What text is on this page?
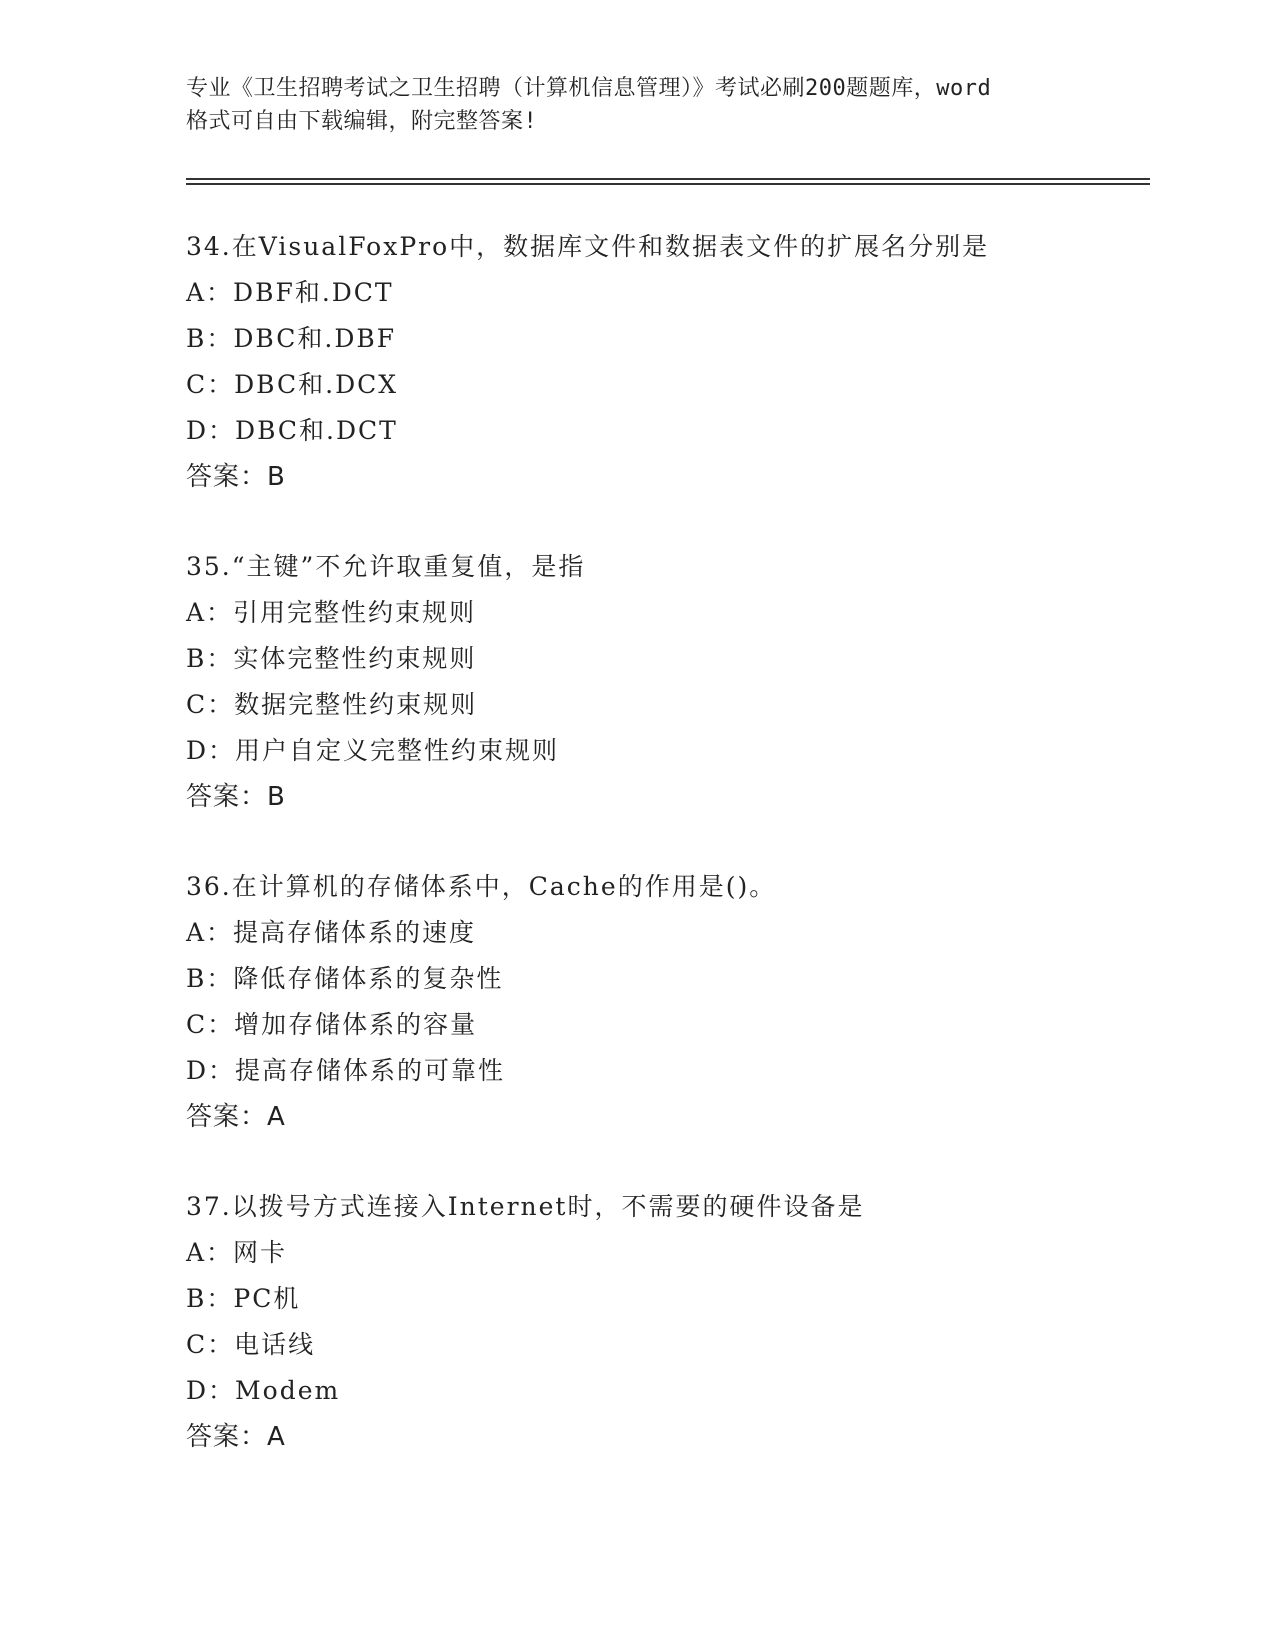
专业《卫生招聘考试之卫生招聘（计算机信息管理）》考试必刷200题题库，word
格式可自由下载编辑，附完整答案!
34.在VisualFoxPro中，数据库文件和数据表文件的扩展名分别是
A：DBF和.DCT
B：DBC和.DBF
C：DBC和.DCX
D：DBC和.DCT
答案：B
35.“主键”不允许取重复值，是指
A：引用完整性约束规则
B：实体完整性约束规则
C：数据完整性约束规则
D：用户自定义完整性约束规则
答案：B
36.在计算机的存储体系中，Cache的作用是()。
A：提高存储体系的速度
B：降低存储体系的复杂性
C：增加存储体系的容量
D：提高存储体系的可靠性
答案：A
37.以拨号方式连接入Internet时，不需要的硬件设备是
A：网卡
B：PC机
C：电话线
D：Modem
答案：A
